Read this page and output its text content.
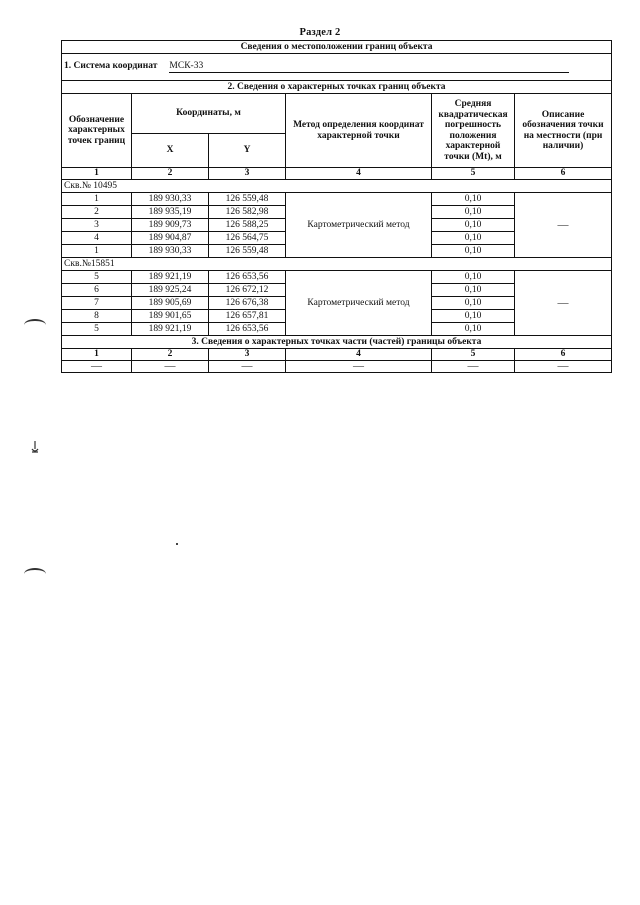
Раздел 2
Сведения о местоположении границ объекта					
1. Система координат МСК-33					
2. Сведения о характерных точках границ объекта					
Обозначение характерных точек границ	Координаты, м		Метод определения координат характерной точки	Средняя квадратическая погрешность положения характерной точки (Mt), м	Описание обозначения точки на местности (при наличии)
	X	Y			
1	2	3	4	5	6
Скв.№ 10495					
1	189 930,33	126 559,48	Картометрический метод	0,10	—
2	189 935,19	126 582,98		0,10	
3	189 909,73	126 588,25		0,10	
4	189 904,87	126 564,75		0,10	
1	189 930,33	126 559,48		0,10	
Скв.№15851					
5	189 921,19	126 653,56	Картометрический метод	0,10	—
6	189 925,24	126 672,12		0,10	
7	189 905,69	126 676,38		0,10	
8	189 901,65	126 657,81		0,10	
5	189 921,19	126 653,56		0,10	
3. Сведения о характерных точках части (частей) границы объекта					
1	2	3	4	5	6
—	—	—	—	—	—
